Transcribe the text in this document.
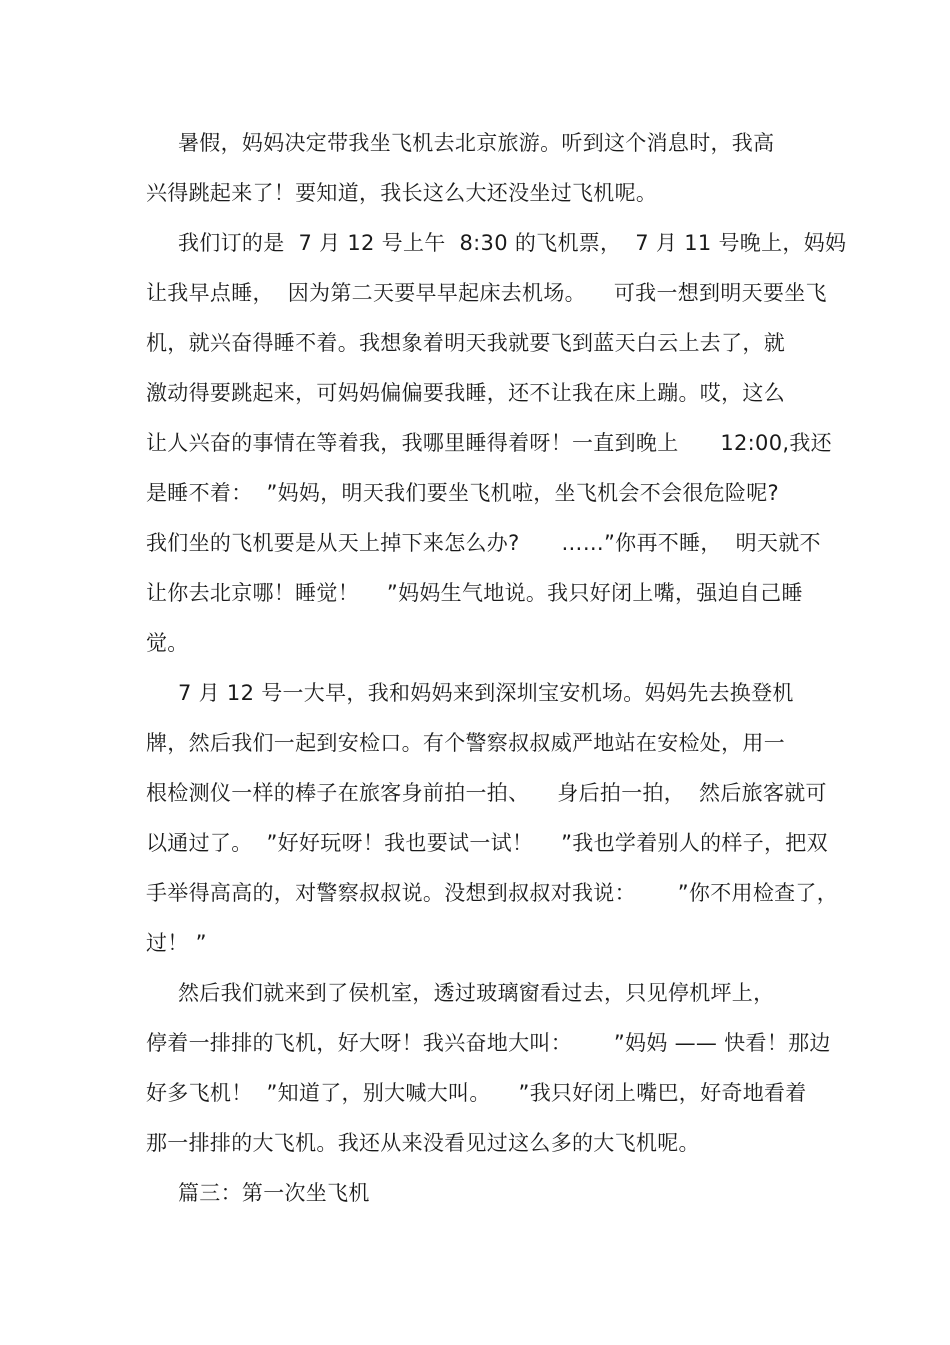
暑假，妈妈决定带我坐飞机去北京旅游。听到这个消息时，我高
兴得跳起来了！要知道，我长这么大还没坐过飞机呢。
我们订的是  7 月 12 号上午  8:30 的飞机票，  7 月 11 号晚上，妈妈
让我早点睡，  因为第二天要早早起床去机场。    可我一想到明天要坐飞
机，就兴奋得睡不着。我想象着明天我就要飞到蓝天白云上去了，就
激动得要跳起来，可妈妈偏偏要我睡，还不让我在床上蹦。哎，这么
让人兴奋的事情在等着我，我哪里睡得着呀！一直到晚上      12:00,我还
是睡不着：  ”妈妈，明天我们要坐飞机啦，坐飞机会不会很危险呢?
我们坐的飞机要是从天上掉下来怎么办?      ……”你再不睡，  明天就不
让你去北京哪！睡觉！    ”妈妈生气地说。我只好闭上嘴，强迫自己睡
觉。
7 月 12 号一大早，我和妈妈来到深圳宝安机场。妈妈先去换登机
牌，然后我们一起到安检口。有个警察叔叔威严地站在安检处，用一
根检测仪一样的棒子在旅客身前拍一拍、    身后拍一拍，  然后旅客就可
以通过了。  ”好好玩呀！我也要试一试！    ”我也学着别人的样子，把双
手举得高高的，对警察叔叔说。没想到叔叔对我说：      ”你不用检查了，
过！ ”
然后我们就来到了侯机室，透过玻璃窗看过去，只见停机坪上，
停着一排排的飞机，好大呀！我兴奋地大叫：      ”妈妈 —— 快看！那边
好多飞机！  ”知道了，别大喊大叫。    ”我只好闭上嘴巴，好奇地看着
那一排排的大飞机。我还从来没看见过这么多的大飞机呢。
篇三：第一次坐飞机
